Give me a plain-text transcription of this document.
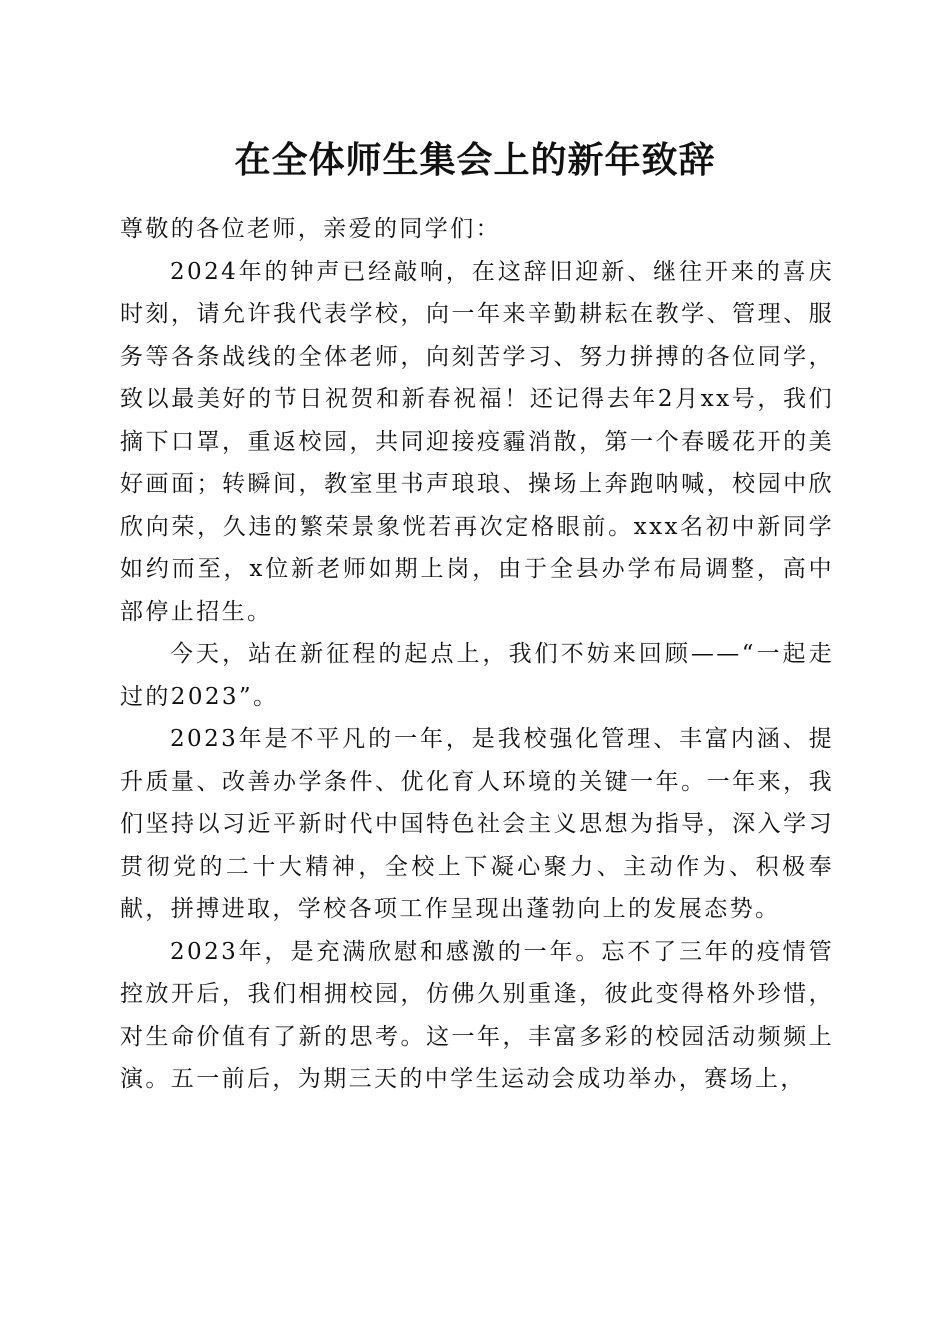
在全体师生集会上的新年致辞

尊敬的各位老师，亲爱的同学们：

2024年的钟声已经敲响，在这辞旧迎新、继往开来的喜庆时刻，请允许我代表学校，向一年来辛勤耕耘在教学、管理、服务等各条战线的全体老师，向刻苦学习、努力拼搏的各位同学，致以最美好的节日祝贺和新春祝福！还记得去年2月xx号，我们摘下口罩，重返校园，共同迎接疫霾消散，第一个春暖花开的美好画面；转瞬间，教室里书声琅琅、操场上奔跑呐喊，校园中欣欣向荣，久违的繁荣景象恍若再次定格眼前。xxx名初中新同学如约而至，x位新老师如期上岗，由于全县办学布局调整，高中部停止招生。

今天，站在新征程的起点上，我们不妨来回顾——“一起走过的2023”。

2023年是不平凡的一年，是我校强化管理、丰富内涵、提升质量、改善办学条件、优化育人环境的关键一年。一年来，我们坚持以习近平新时代中国特色社会主义思想为指导，深入学习贯彻党的二十大精神，全校上下凝心聚力、主动作为、积极奉献，拼搏进取，学校各项工作呈现出蓬勃向上的发展态势。

2023年，是充满欣慰和感激的一年。忘不了三年的疫情管控放开后，我们相拥校园，仿佛久别重逢，彼此变得格外珍惜，对生命价值有了新的思考。这一年，丰富多彩的校园活动频频上演。五一前后，为期三天的中学生运动会成功举办，赛场上，
